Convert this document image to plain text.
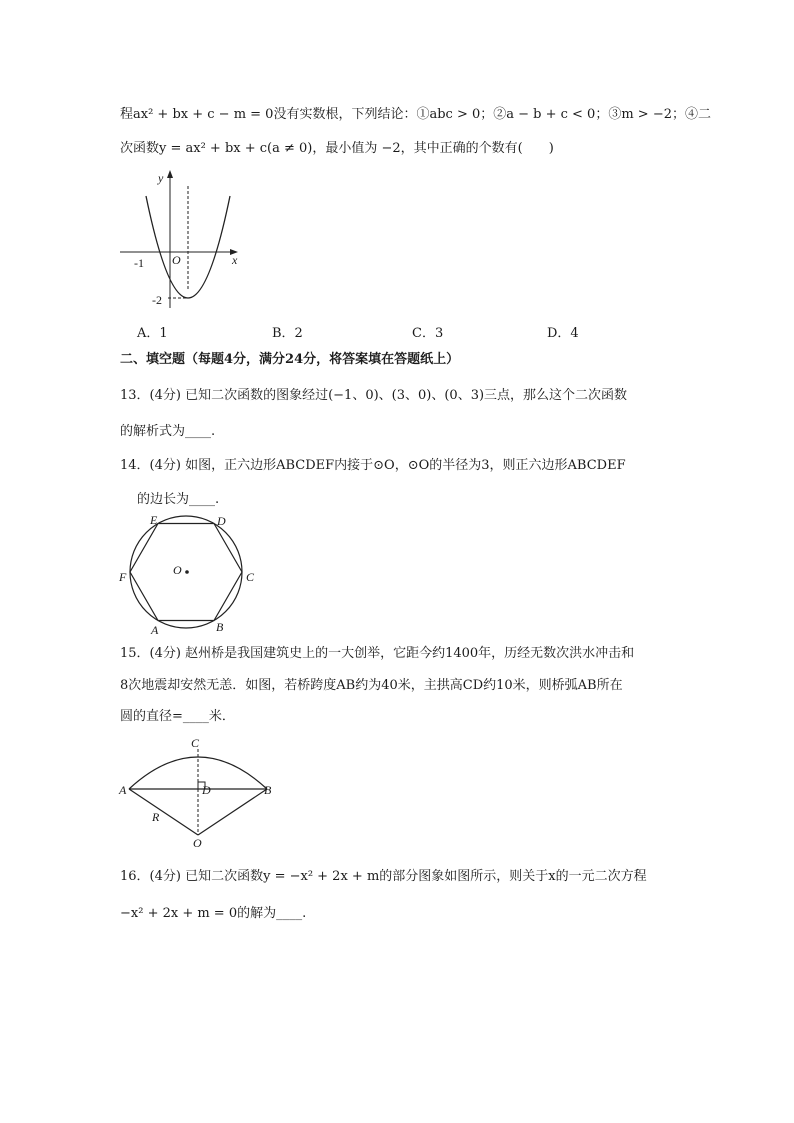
程ax² + bx + c − m = 0没有实数根，下列结论：①abc > 0；②a − b + c < 0；③m > −2；④二
次函数y = ax² + bx + c(a ≠ 0)，最小值为 −2，其中正确的个数有(　　)
y
x
O
-1
-2
A．1	B．2	C．3	D．4
二、填空题（每题4分，满分24分，将答案填在答题纸上）
13．(4分) 已知二次函数的图象经过(−1、0)、(3、0)、(0、3)三点，那么这个二次函数
的解析式为____.
14．(4分) 如图，正六边形ABCDEF内接于⊙O，⊙O的半径为3，则正六边形ABCDEF
的边长为____.
E	D
F	C
A	B
O
15．(4分) 赵州桥是我国建筑史上的一大创举，它距今约1400年，历经无数次洪水冲击和
8次地震却安然无恙．如图，若桥跨度AB约为40米，主拱高CD约10米，则桥弧AB所在
圆的直径=____米．
C
A	D	B
R
O
16．(4分) 已知二次函数y = −x² + 2x + m的部分图象如图所示，则关于x的一元二次方程
−x² + 2x + m = 0的解为____.
